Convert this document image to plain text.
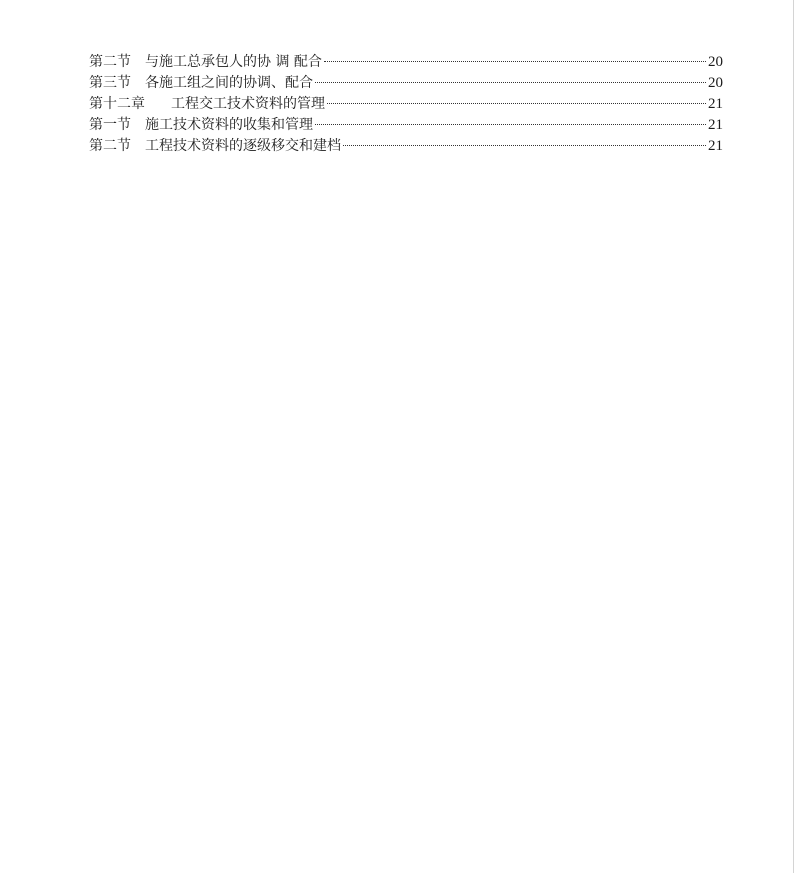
第二节 与施工总承包人的协 调 配合	20
第三节 各施工组之间的协调、配合	20
第十二章 工程交工技术资料的管理	21
第一节 施工技术资料的收集和管理	21
第二节 工程技术资料的逐级移交和建档	21
